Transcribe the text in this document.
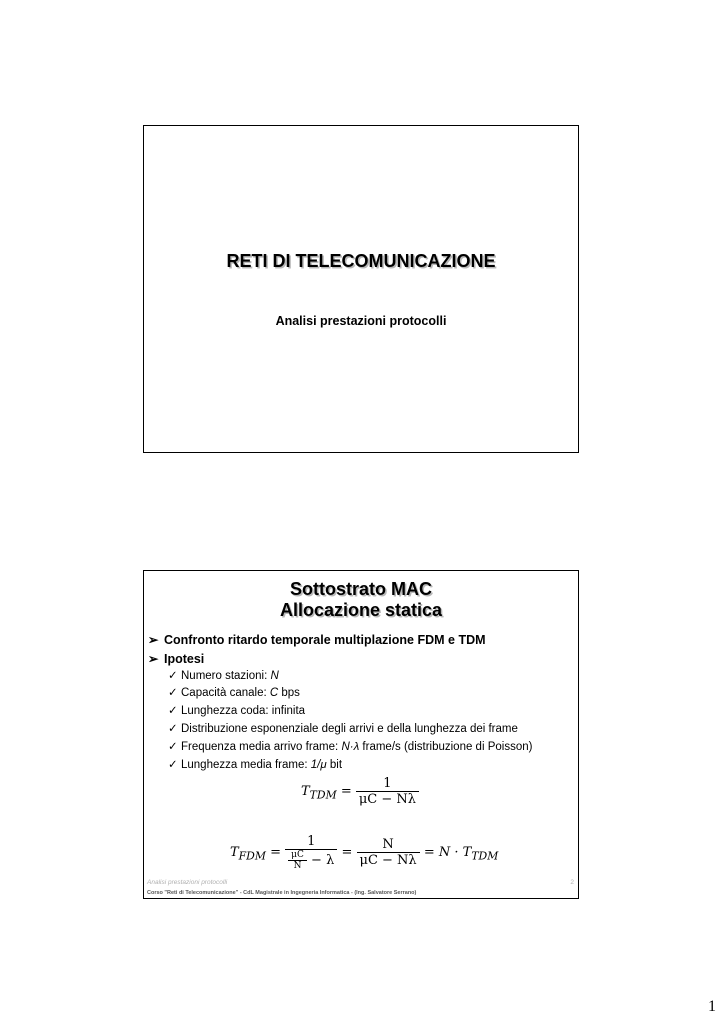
RETI DI TELECOMUNICAZIONE
Analisi prestazioni protocolli
Sottostrato MAC
Allocazione statica
➢ Confronto ritardo temporale multiplazione FDM e TDM
➢ Ipotesi
✓ Numero stazioni: N
✓ Capacità canale: C bps
✓ Lunghezza coda: infinita
✓ Distribuzione esponenziale degli arrivi e della lunghezza dei frame
✓ Frequenza media arrivo frame: N·λ frame/s (distribuzione di Poisson)
✓ Lunghezza media frame: 1/μ bit
$T_{TDM} = \frac{1}{\mu C - N\lambda}$
$T_{FDM} = \frac{1}{\frac{\mu C}{N} - \lambda} = \frac{N}{\mu C - N\lambda} = N \cdot T_{TDM}$
Analisi prestazioni protocolli	2
Corso "Reti di Telecomunicazione" - CdL Magistrale in Ingegneria Informatica - (Ing. Salvatore Serrano)
1
